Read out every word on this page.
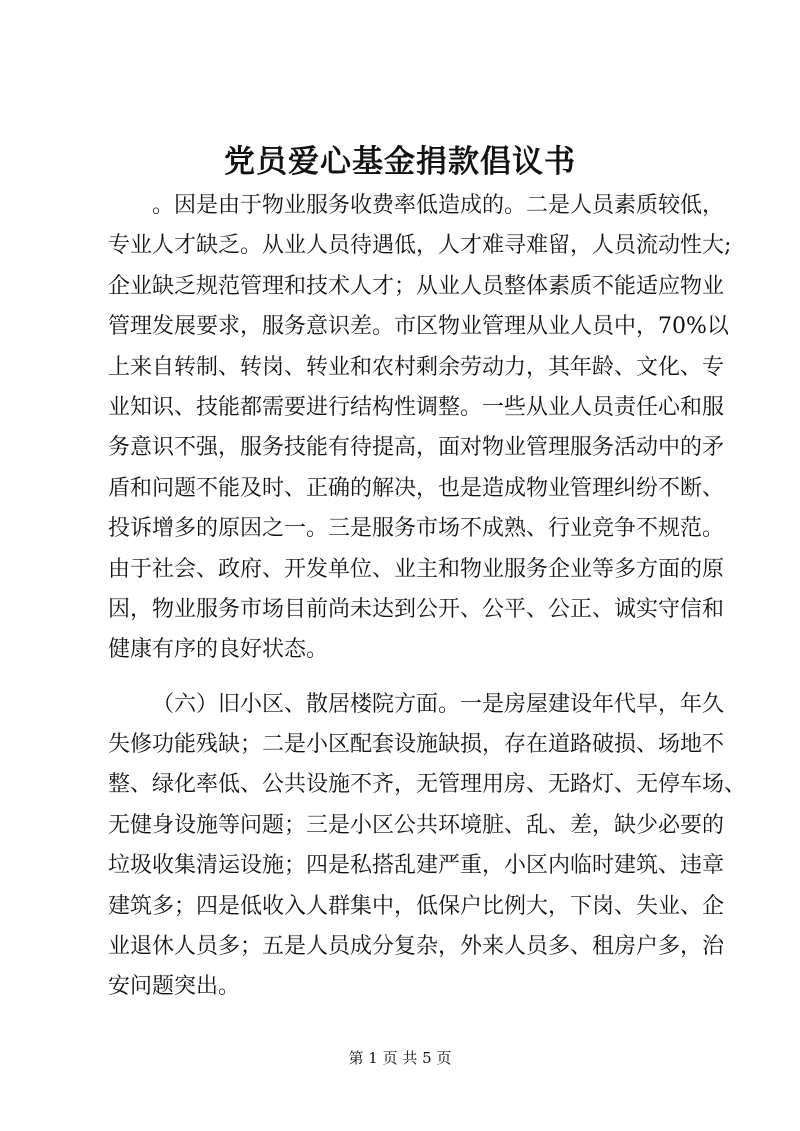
党员爱心基金捐款倡议书
。因是由于物业服务收费率低造成的。二是人员素质较低，
专业人才缺乏。从业人员待遇低，人才难寻难留，人员流动性大;
企业缺乏规范管理和技术人才；从业人员整体素质不能适应物业
管理发展要求，服务意识差。市区物业管理从业人员中，70%以
上来自转制、转岗、转业和农村剩余劳动力，其年龄、文化、专
业知识、技能都需要进行结构性调整。一些从业人员责任心和服
务意识不强，服务技能有待提高，面对物业管理服务活动中的矛
盾和问题不能及时、正确的解决，也是造成物业管理纠纷不断、
投诉增多的原因之一。三是服务市场不成熟、行业竞争不规范。
由于社会、政府、开发单位、业主和物业服务企业等多方面的原
因，物业服务市场目前尚未达到公开、公平、公正、诚实守信和
健康有序的良好状态。
（六）旧小区、散居楼院方面。一是房屋建设年代早，年久
失修功能残缺；二是小区配套设施缺损，存在道路破损、场地不
整、绿化率低、公共设施不齐，无管理用房、无路灯、无停车场、
无健身设施等问题；三是小区公共环境脏、乱、差，缺少必要的
垃圾收集清运设施；四是私搭乱建严重，小区内临时建筑、违章
建筑多；四是低收入人群集中，低保户比例大，下岗、失业、企
业退休人员多；五是人员成分复杂，外来人员多、租房户多，治
安问题突出。
第 1 页 共 5 页
